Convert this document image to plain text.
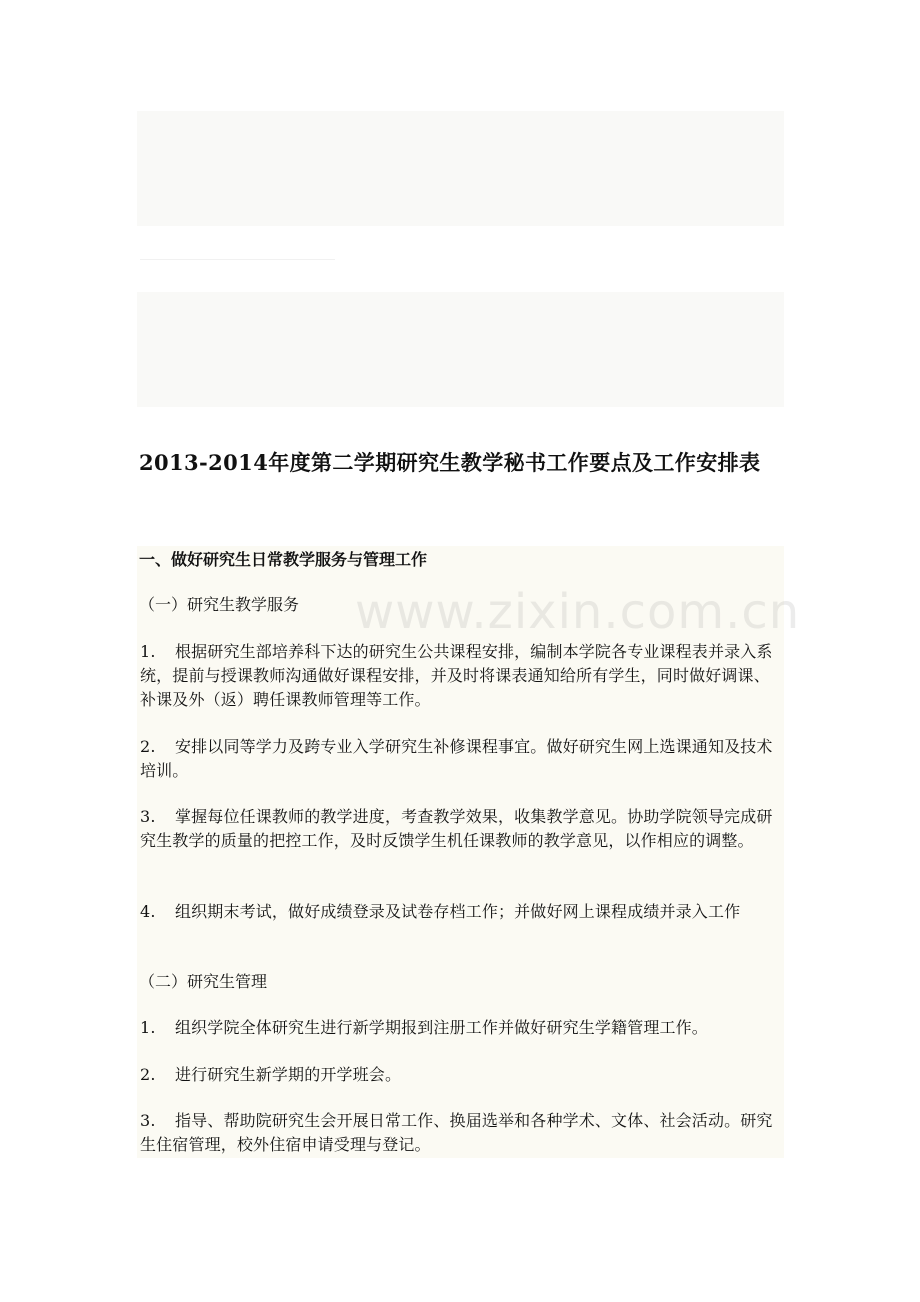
www.zixin.com.cn
2013-2014年度第二学期研究生教学秘书工作要点及工作安排表
一、做好研究生日常教学服务与管理工作

（一）研究生教学服务

1. 根据研究生部培养科下达的研究生公共课程安排，编制本学院各专业课程表并录入系统，提前与授课教师沟通做好课程安排，并及时将课表通知给所有学生，同时做好调课、补课及外（返）聘任课教师管理等工作。

2. 安排以同等学力及跨专业入学研究生补修课程事宜。做好研究生网上选课通知及技术培训。

3. 掌握每位任课教师的教学进度，考查教学效果，收集教学意见。协助学院领导完成研究生教学的质量的把控工作，及时反馈学生机任课教师的教学意见，以作相应的调整。

4. 组织期末考试，做好成绩登录及试卷存档工作；并做好网上课程成绩并录入工作

（二）研究生管理

1. 组织学院全体研究生进行新学期报到注册工作并做好研究生学籍管理工作。

2. 进行研究生新学期的开学班会。

3. 指导、帮助院研究生会开展日常工作、换届选举和各种学术、文体、社会活动。研究生住宿管理，校外住宿申请受理与登记。
